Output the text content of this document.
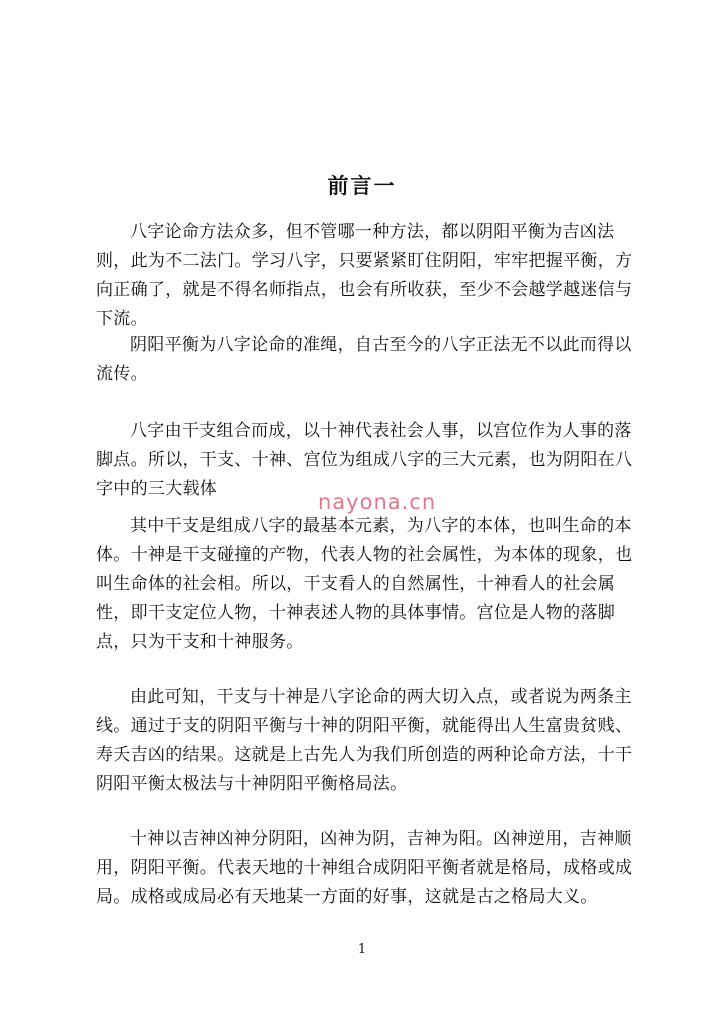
前言一

八字论命方法众多，但不管哪一种方法，都以阴阳平衡为吉凶法则，此为不二法门。学习八字，只要紧紧盯住阴阳，牢牢把握平衡，方向正确了，就是不得名师指点，也会有所收获，至少不会越学越迷信与下流。

阴阳平衡为八字论命的准绳，自古至今的八字正法无不以此而得以流传。

八字由干支组合而成，以十神代表社会人事，以宫位作为人事的落脚点。所以，干支、十神、宫位为组成八字的三大元素，也为阴阳在八字中的三大载体

其中干支是组成八字的最基本元素，为八字的本体，也叫生命的本体。十神是干支碰撞的产物，代表人物的社会属性，为本体的现象，也叫生命体的社会相。所以，干支看人的自然属性，十神看人的社会属性，即干支定位人物，十神表述人物的具体事情。宫位是人物的落脚点，只为干支和十神服务。

由此可知，干支与十神是八字论命的两大切入点，或者说为两条主线。通过于支的阴阳平衡与十神的阴阳平衡，就能得出人生富贵贫贱、寿夭吉凶的结果。这就是上古先人为我们所创造的两种论命方法，十干阴阳平衡太极法与十神阴阳平衡格局法。

十神以吉神凶神分阴阳，凶神为阴，吉神为阳。凶神逆用，吉神顺用，阴阳平衡。代表天地的十神组合成阴阳平衡者就是格局，成格或成局。成格或成局必有天地某一方面的好事，这就是古之格局大义。

nayona.cn
1
